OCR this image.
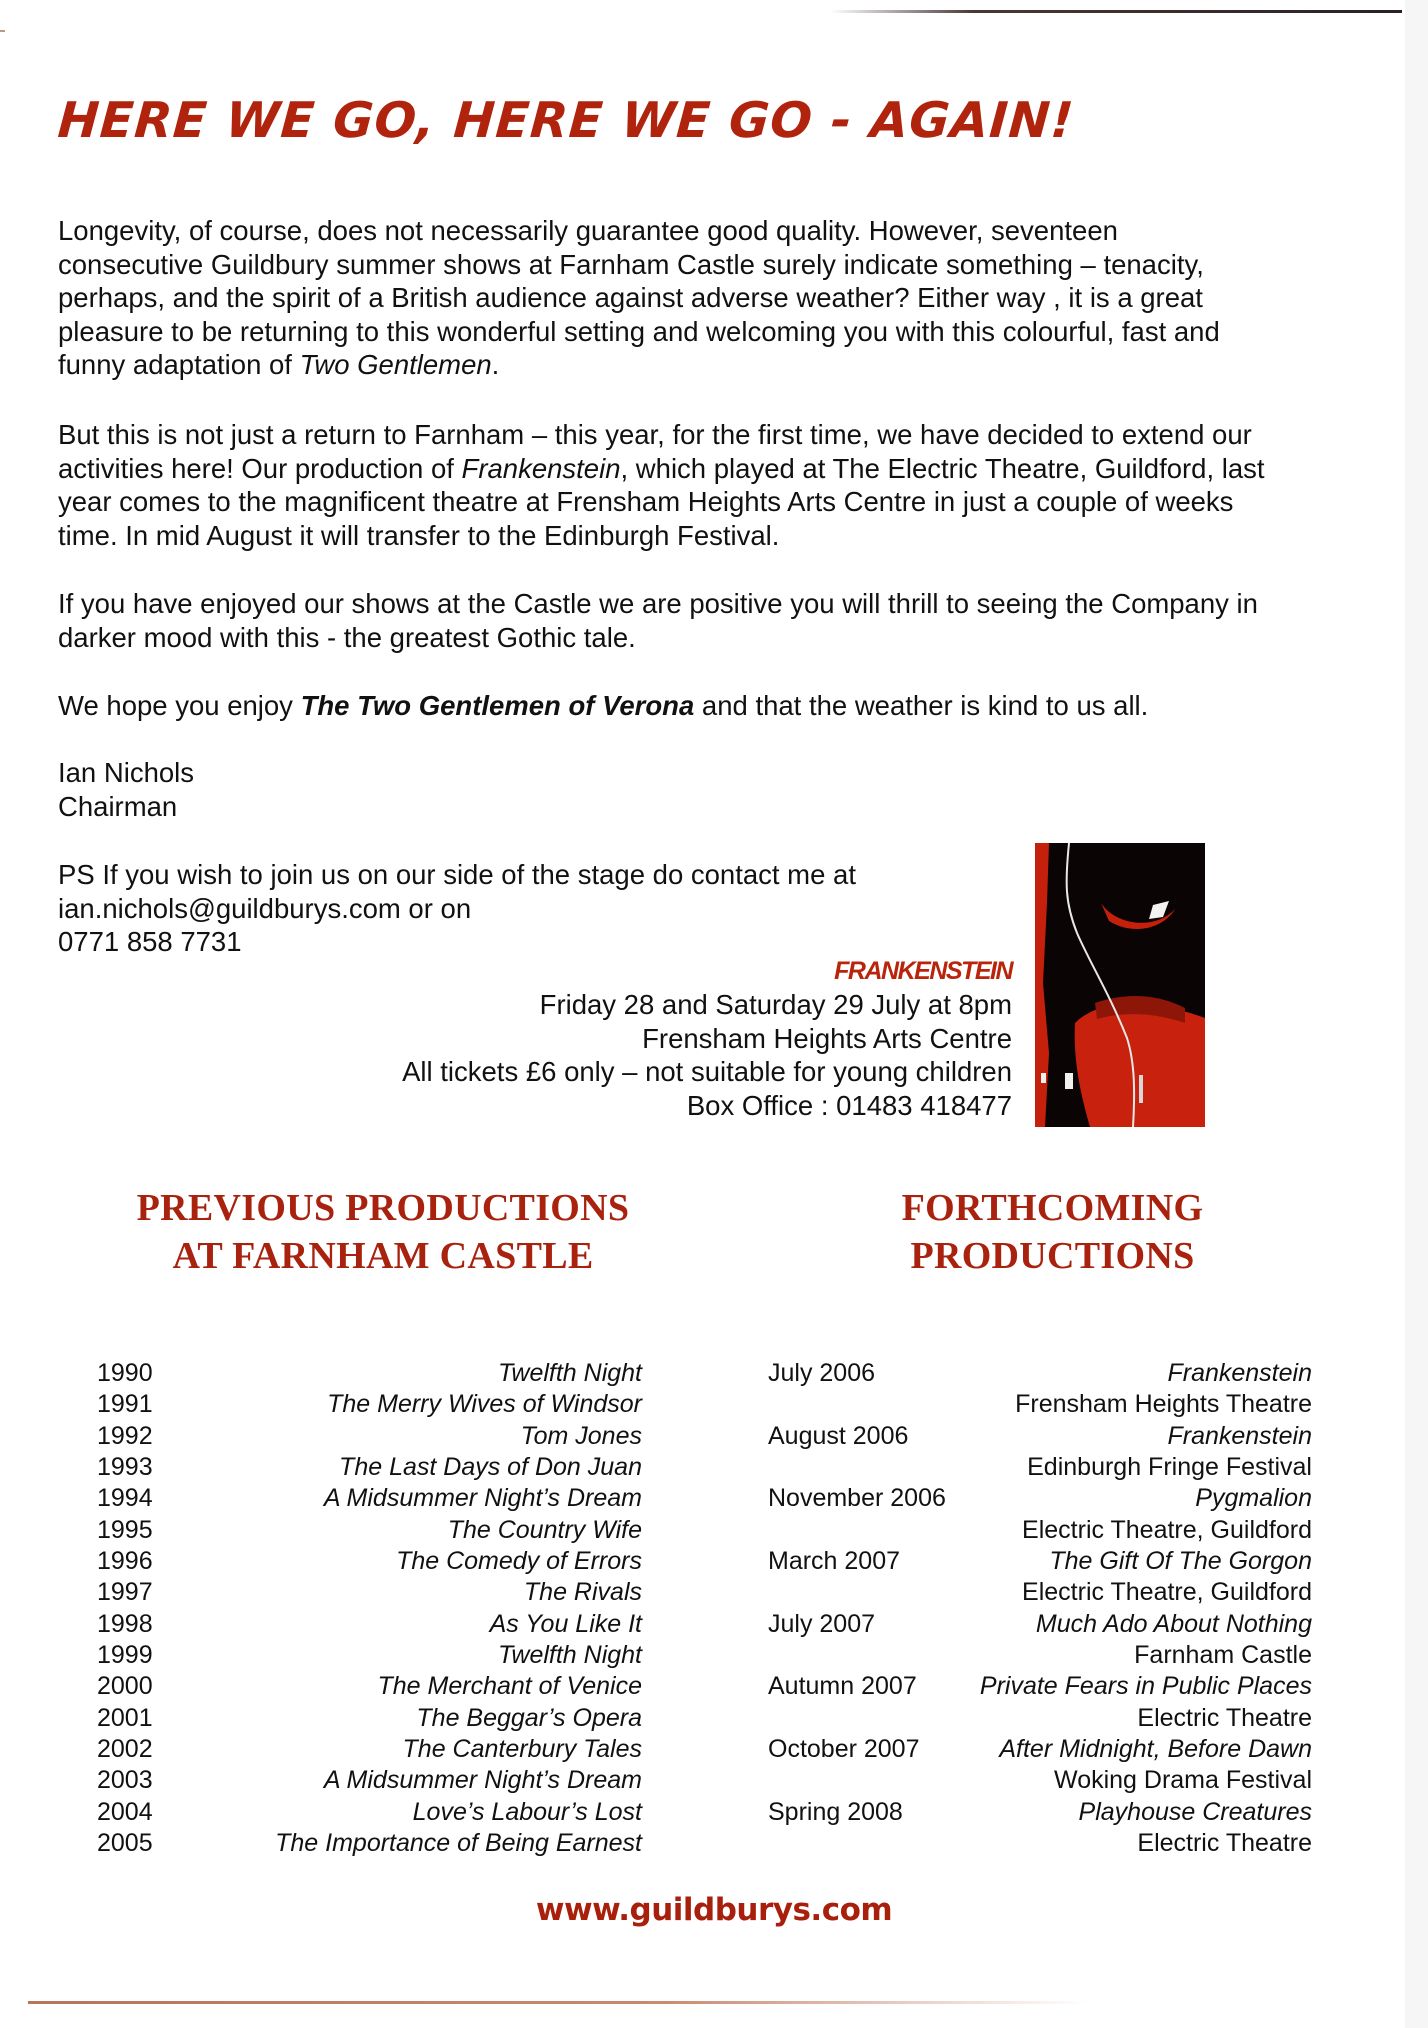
HERE WE GO, HERE WE GO - AGAIN!
Longevity, of course, does not necessarily guarantee good quality. However, seventeen
consecutive Guildbury summer shows at Farnham Castle surely indicate something – tenacity,
perhaps, and the spirit of a British audience against adverse weather? Either way , it is a great
pleasure to be returning to this wonderful setting and welcoming you with this colourful, fast and
funny adaptation of Two Gentlemen.
But this is not just a return to Farnham – this year, for the first time, we have decided to extend our
activities here! Our production of Frankenstein, which played at The Electric Theatre, Guildford, last
year comes to the magnificent theatre at Frensham Heights Arts Centre in just a couple of weeks
time. In mid August it will transfer to the Edinburgh Festival.
If you have enjoyed our shows at the Castle we are positive you will thrill to seeing the Company in
darker mood with this - the greatest Gothic tale.
We hope you enjoy The Two Gentlemen of Verona and that the weather is kind to us all.
Ian Nichols
Chairman
PS If you wish to join us on our side of the stage do contact me at
ian.nichols@guildburys.com or on
0771 858 7731
FRANKENSTEIN
Friday 28 and Saturday 29 July at 8pm
Frensham Heights Arts Centre
All tickets £6 only – not suitable for young children
Box Office : 01483 418477
PREVIOUS PRODUCTIONS
AT FARNHAM CASTLE
FORTHCOMING
PRODUCTIONS
1990	Twelfth Night
1991	The Merry Wives of Windsor
1992	Tom Jones
1993	The Last Days of Don Juan
1994	A Midsummer Night’s Dream
1995	The Country Wife
1996	The Comedy of Errors
1997	The Rivals
1998	As You Like It
1999	Twelfth Night
2000	The Merchant of Venice
2001	The Beggar’s Opera
2002	The Canterbury Tales
2003	A Midsummer Night’s Dream
2004	Love’s Labour’s Lost
2005	The Importance of Being Earnest
July 2006	Frankenstein
Frensham Heights Theatre
August 2006	Frankenstein
Edinburgh Fringe Festival
November 2006	Pygmalion
Electric Theatre, Guildford
March 2007	The Gift Of The Gorgon
Electric Theatre, Guildford
July 2007	Much Ado About Nothing
Farnham Castle
Autumn 2007	Private Fears in Public Places
Electric Theatre
October 2007	After Midnight, Before Dawn
Woking Drama Festival
Spring 2008	Playhouse Creatures
Electric Theatre
www.guildburys.com
